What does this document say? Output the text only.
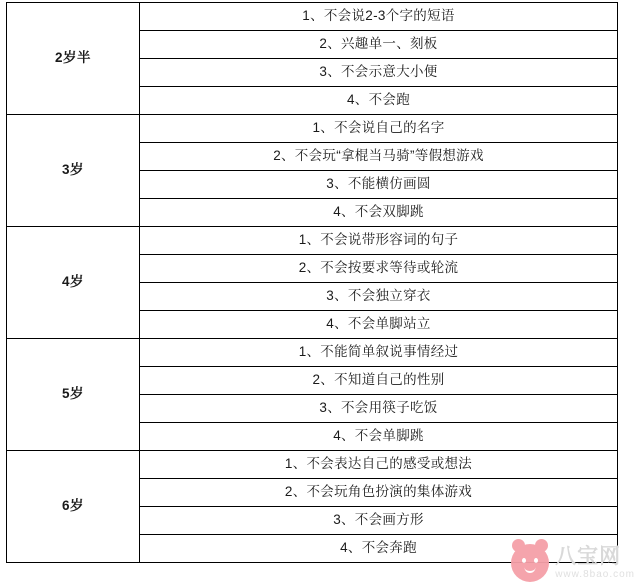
2岁半	1、不会说2-3个字的短语
	2、兴趣单一、刻板
	3、不会示意大小便
	4、不会跑
3岁	1、不会说自己的名字
	2、不会玩“拿棍当马骑”等假想游戏
	3、不能横仿画圆
	4、不会双脚跳
4岁	1、不会说带形容词的句子
	2、不会按要求等待或轮流
	3、不会独立穿衣
	4、不会单脚站立
5岁	1、不能简单叙说事情经过
	2、不知道自己的性别
	3、不会用筷子吃饭
	4、不会单脚跳
6岁	1、不会表达自己的感受或想法
	2、不会玩角色扮演的集体游戏
	3、不会画方形
	4、不会奔跑	八宝网
www.8bao.com
